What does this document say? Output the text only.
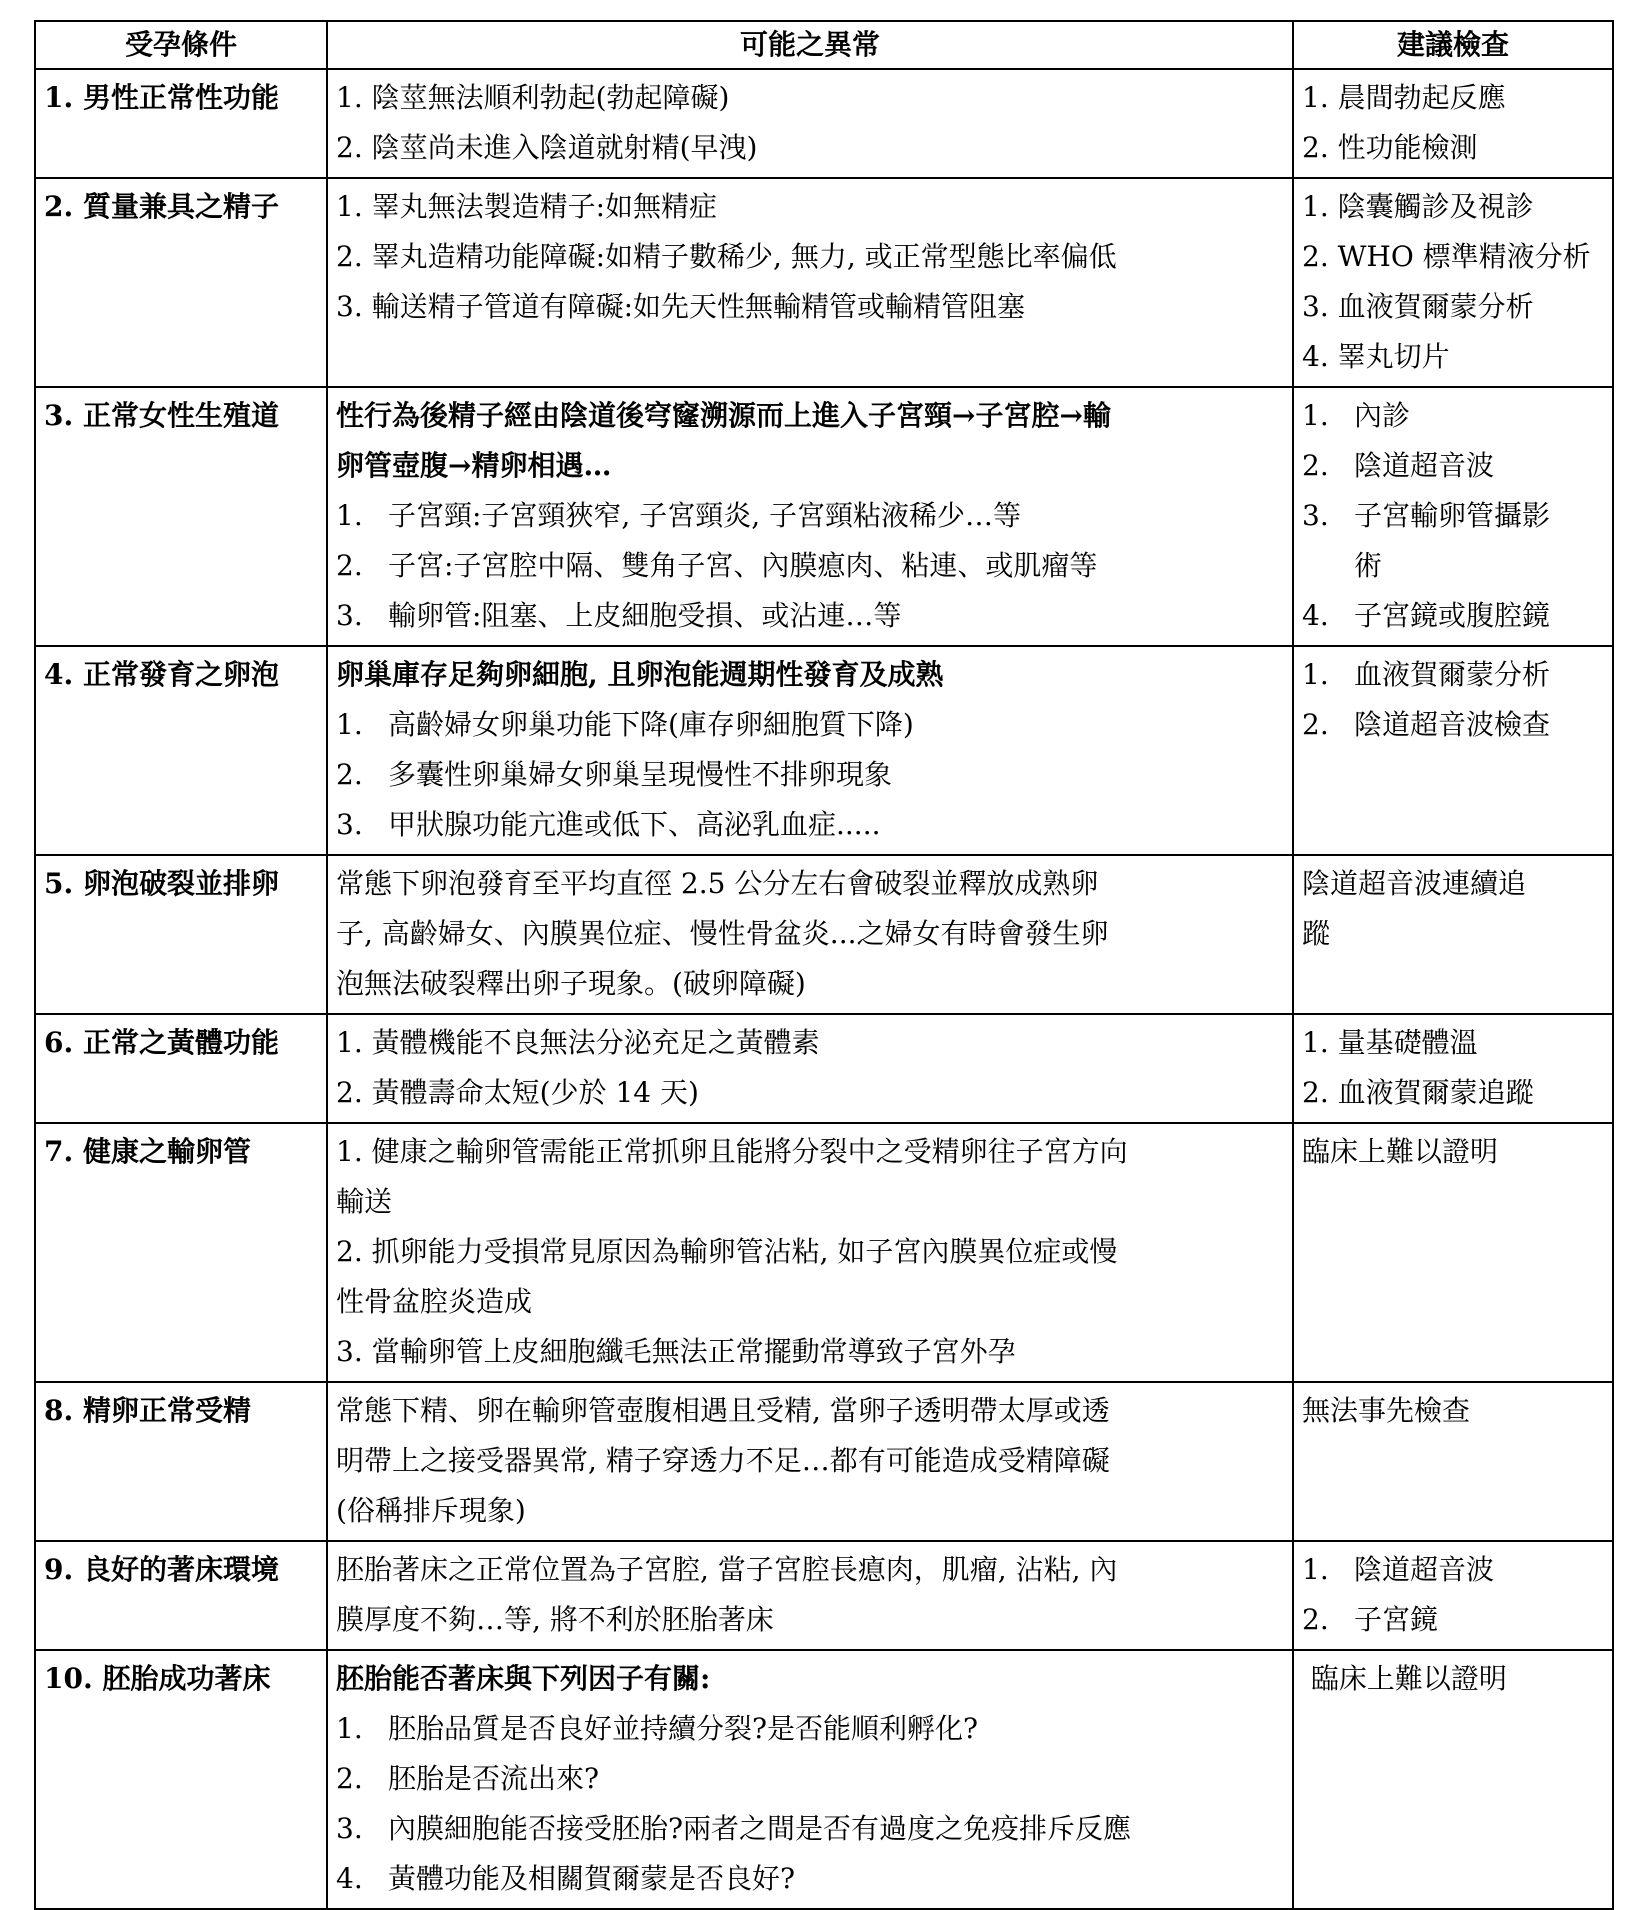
受孕條件	可能之異常	建議檢查
1. 男性正常性功能	1. 陰莖無法順利勃起(勃起障礙)
2. 陰莖尚未進入陰道就射精(早洩)	1. 晨間勃起反應
2. 性功能檢測

2. 質量兼具之精子	1. 睪丸無法製造精子:如無精症
2. 睪丸造精功能障礙:如精子數稀少, 無力, 或正常型態比率偏低
3. 輸送精子管道有障礙:如先天性無輸精管或輸精管阻塞	1. 陰囊觸診及視診
2. WHO 標準精液分析
3. 血液賀爾蒙分析
4. 睪丸切片

3. 正常女性生殖道	性行為後精子經由陰道後穹窿溯源而上進入子宮頸→子宮腔→輸
卵管壺腹→精卵相遇…
1. 子宮頸:子宮頸狹窄, 子宮頸炎, 子宮頸粘液稀少…等
2. 子宮:子宮腔中隔、雙角子宮、內膜瘜肉、粘連、或肌瘤等
3. 輸卵管:阻塞、上皮細胞受損、或沾連…等	1. 內診
2. 陰道超音波
3. 子宮輸卵管攝影
術
4. 子宮鏡或腹腔鏡

4. 正常發育之卵泡	卵巢庫存足夠卵細胞, 且卵泡能週期性發育及成熟
1. 高齡婦女卵巢功能下降(庫存卵細胞質下降)
2. 多囊性卵巢婦女卵巢呈現慢性不排卵現象
3. 甲狀腺功能亢進或低下、高泌乳血症.....	1. 血液賀爾蒙分析
2. 陰道超音波檢查

5. 卵泡破裂並排卵	常態下卵泡發育至平均直徑 2.5 公分左右會破裂並釋放成熟卵
子, 高齡婦女、內膜異位症、慢性骨盆炎...之婦女有時會發生卵
泡無法破裂釋出卵子現象。(破卵障礙)	陰道超音波連續追
蹤

6. 正常之黃體功能	1. 黃體機能不良無法分泌充足之黃體素
2. 黃體壽命太短(少於 14 天)	1. 量基礎體溫
2. 血液賀爾蒙追蹤

7. 健康之輸卵管	1. 健康之輸卵管需能正常抓卵且能將分裂中之受精卵往子宮方向
輸送
2. 抓卵能力受損常見原因為輸卵管沾粘, 如子宮內膜異位症或慢
性骨盆腔炎造成
3. 當輸卵管上皮細胞纖毛無法正常擺動常導致子宮外孕	臨床上難以證明

8. 精卵正常受精	常態下精、卵在輸卵管壺腹相遇且受精, 當卵子透明帶太厚或透
明帶上之接受器異常, 精子穿透力不足…都有可能造成受精障礙
(俗稱排斥現象)	無法事先檢查

9. 良好的著床環境	胚胎著床之正常位置為子宮腔, 當子宮腔長瘜肉，肌瘤, 沾粘, 內
膜厚度不夠…等, 將不利於胚胎著床	1. 陰道超音波
2. 子宮鏡

10. 胚胎成功著床	胚胎能否著床與下列因子有關:
1. 胚胎品質是否良好並持續分裂?是否能順利孵化?
2. 胚胎是否流出來?
3. 內膜細胞能否接受胚胎?兩者之間是否有過度之免疫排斥反應
4. 黃體功能及相關賀爾蒙是否良好?	臨床上難以證明
